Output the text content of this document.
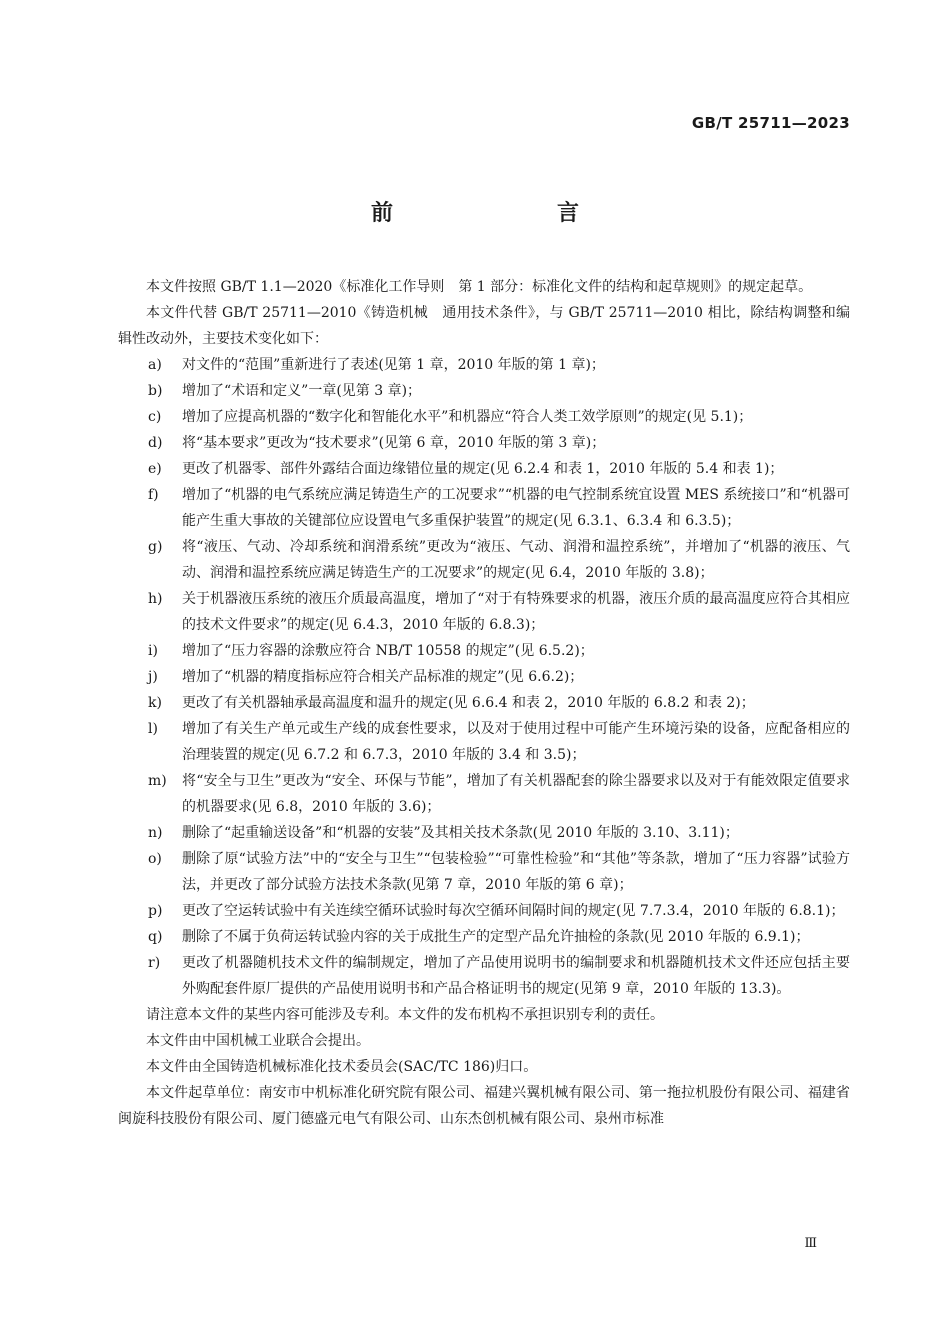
GB/T 25711—2023
前　　言

本文件按照 GB/T 1.1—2020《标准化工作导则　第 1 部分：标准化文件的结构和起草规则》的规定起草。

本文件代替 GB/T 25711—2010《铸造机械　通用技术条件》，与 GB/T 25711—2010 相比，除结构调整和编辑性改动外，主要技术变化如下：

a)	对文件的“范围”重新进行了表述(见第 1 章，2010 年版的第 1 章)；
b)	增加了“术语和定义”一章(见第 3 章)；
c)	增加了应提高机器的“数字化和智能化水平”和机器应“符合人类工效学原则”的规定(见 5.1)；
d)	将“基本要求”更改为“技术要求”(见第 6 章，2010 年版的第 3 章)；
e)	更改了机器零、部件外露结合面边缘错位量的规定(见 6.2.4 和表 1，2010 年版的 5.4 和表 1)；
f)	增加了“机器的电气系统应满足铸造生产的工况要求”“机器的电气控制系统宜设置 MES 系统接口”和“机器可能产生重大事故的关键部位应设置电气多重保护装置”的规定(见 6.3.1、6.3.4 和 6.3.5)；
g)	将“液压、气动、冷却系统和润滑系统”更改为“液压、气动、润滑和温控系统”，并增加了“机器的液压、气动、润滑和温控系统应满足铸造生产的工况要求”的规定(见 6.4，2010 年版的 3.8)；
h)	关于机器液压系统的液压介质最高温度，增加了“对于有特殊要求的机器，液压介质的最高温度应符合其相应的技术文件要求”的规定(见 6.4.3，2010 年版的 6.8.3)；
i)	增加了“压力容器的涂敷应符合 NB/T 10558 的规定”(见 6.5.2)；
j)	增加了“机器的精度指标应符合相关产品标准的规定”(见 6.6.2)；
k)	更改了有关机器轴承最高温度和温升的规定(见 6.6.4 和表 2，2010 年版的 6.8.2 和表 2)；
l)	增加了有关生产单元或生产线的成套性要求，以及对于使用过程中可能产生环境污染的设备，应配备相应的治理装置的规定(见 6.7.2 和 6.7.3，2010 年版的 3.4 和 3.5)；
m)	将“安全与卫生”更改为“安全、环保与节能”，增加了有关机器配套的除尘器要求以及对于有能效限定值要求的机器要求(见 6.8，2010 年版的 3.6)；
n)	删除了“起重输送设备”和“机器的安装”及其相关技术条款(见 2010 年版的 3.10、3.11)；
o)	删除了原“试验方法”中的“安全与卫生”“包装检验”“可靠性检验”和“其他”等条款，增加了“压力容器”试验方法，并更改了部分试验方法技术条款(见第 7 章，2010 年版的第 6 章)；
p)	更改了空运转试验中有关连续空循环试验时每次空循环间隔时间的规定(见 7.7.3.4，2010 年版的 6.8.1)；
q)	删除了不属于负荷运转试验内容的关于成批生产的定型产品允许抽检的条款(见 2010 年版的 6.9.1)；
r)	更改了机器随机技术文件的编制规定，增加了产品使用说明书的编制要求和机器随机技术文件还应包括主要外购配套件原厂提供的产品使用说明书和产品合格证明书的规定(见第 9 章，2010 年版的 13.3)。

请注意本文件的某些内容可能涉及专利。本文件的发布机构不承担识别专利的责任。

本文件由中国机械工业联合会提出。

本文件由全国铸造机械标准化技术委员会(SAC/TC 186)归口。

本文件起草单位：南安市中机标准化研究院有限公司、福建兴翼机械有限公司、第一拖拉机股份有限公司、福建省闽旋科技股份有限公司、厦门德盛元电气有限公司、山东杰创机械有限公司、泉州市标准

Ⅲ
